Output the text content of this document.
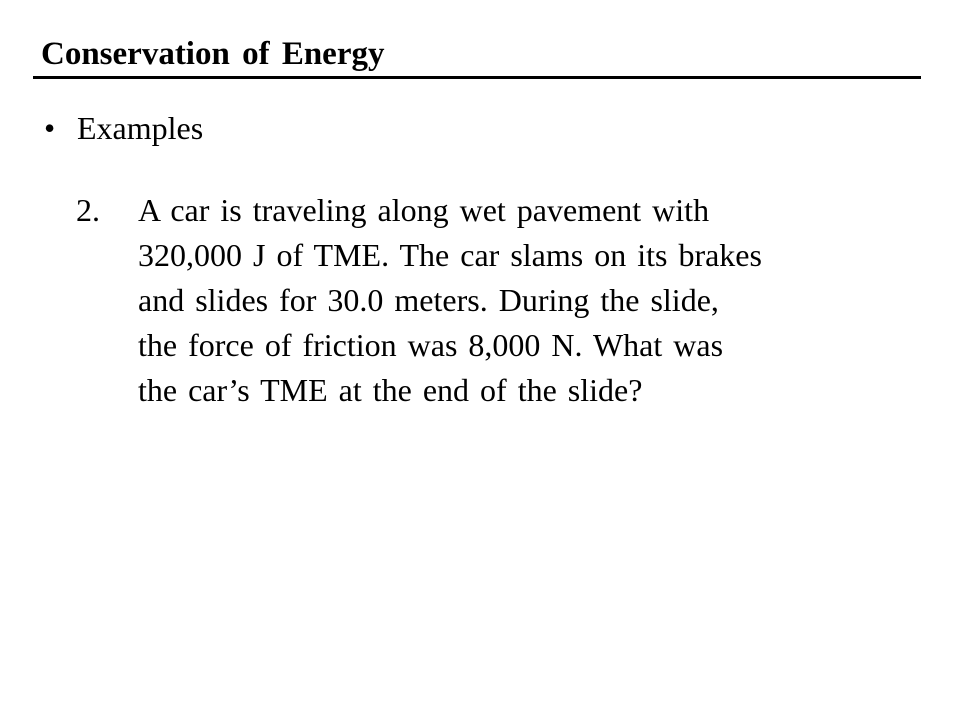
Conservation of Energy
• Examples
2.	A car is traveling along wet pavement with
320,000 J of TME. The car slams on its brakes
and slides for 30.0 meters. During the slide,
the force of friction was 8,000 N. What was
the car’s TME at the end of the slide?
